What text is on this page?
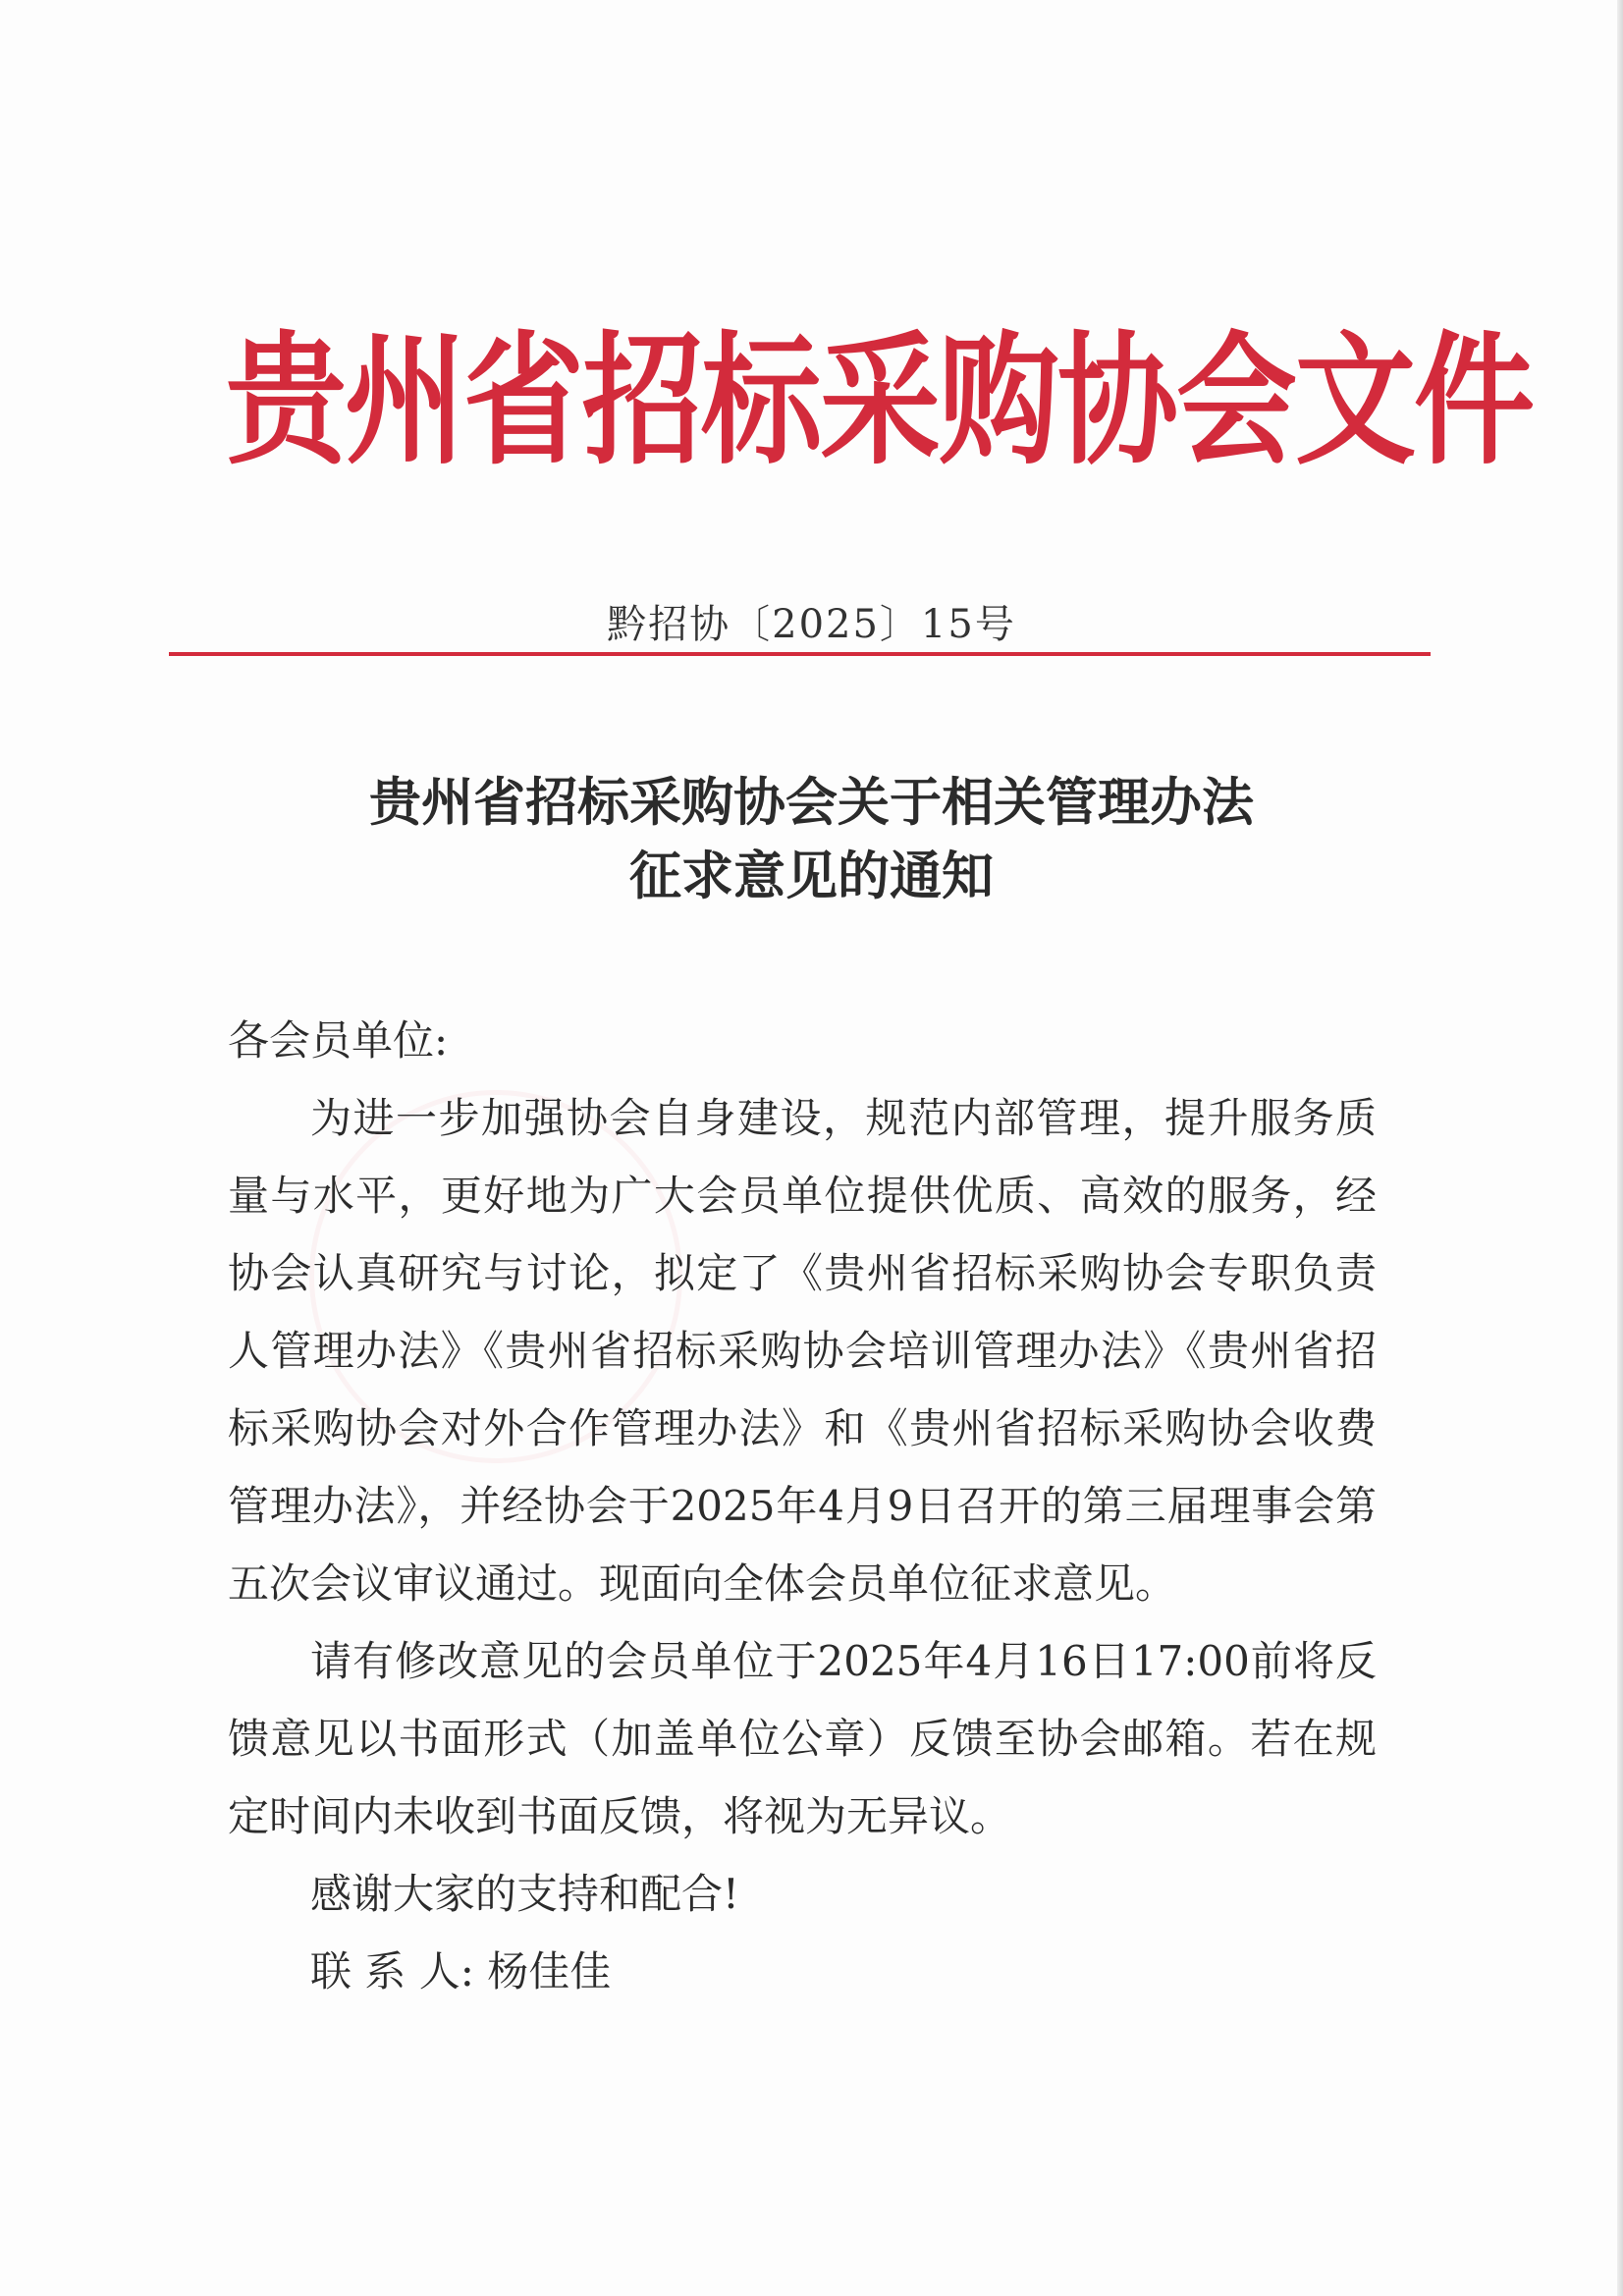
贵州省招标采购协会文件
黔招协〔2025〕15号
贵州省招标采购协会关于相关管理办法
征求意见的通知

各会员单位:

为进一步加强协会自身建设，规范内部管理，提升服务质量与水平，更好地为广大会员单位提供优质、高效的服务，经协会认真研究与讨论，拟定了《贵州省招标采购协会专职负责人管理办法》《贵州省招标采购协会培训管理办法》《贵州省招标采购协会对外合作管理办法》和《贵州省招标采购协会收费管理办法》，并经协会于2025年4月9日召开的第三届理事会第五次会议审议通过。现面向全体会员单位征求意见。

请有修改意见的会员单位于2025年4月16日17:00前将反馈意见以书面形式（加盖单位公章）反馈至协会邮箱。若在规定时间内未收到书面反馈，将视为无异议。

感谢大家的支持和配合!

联 系 人: 杨佳佳
